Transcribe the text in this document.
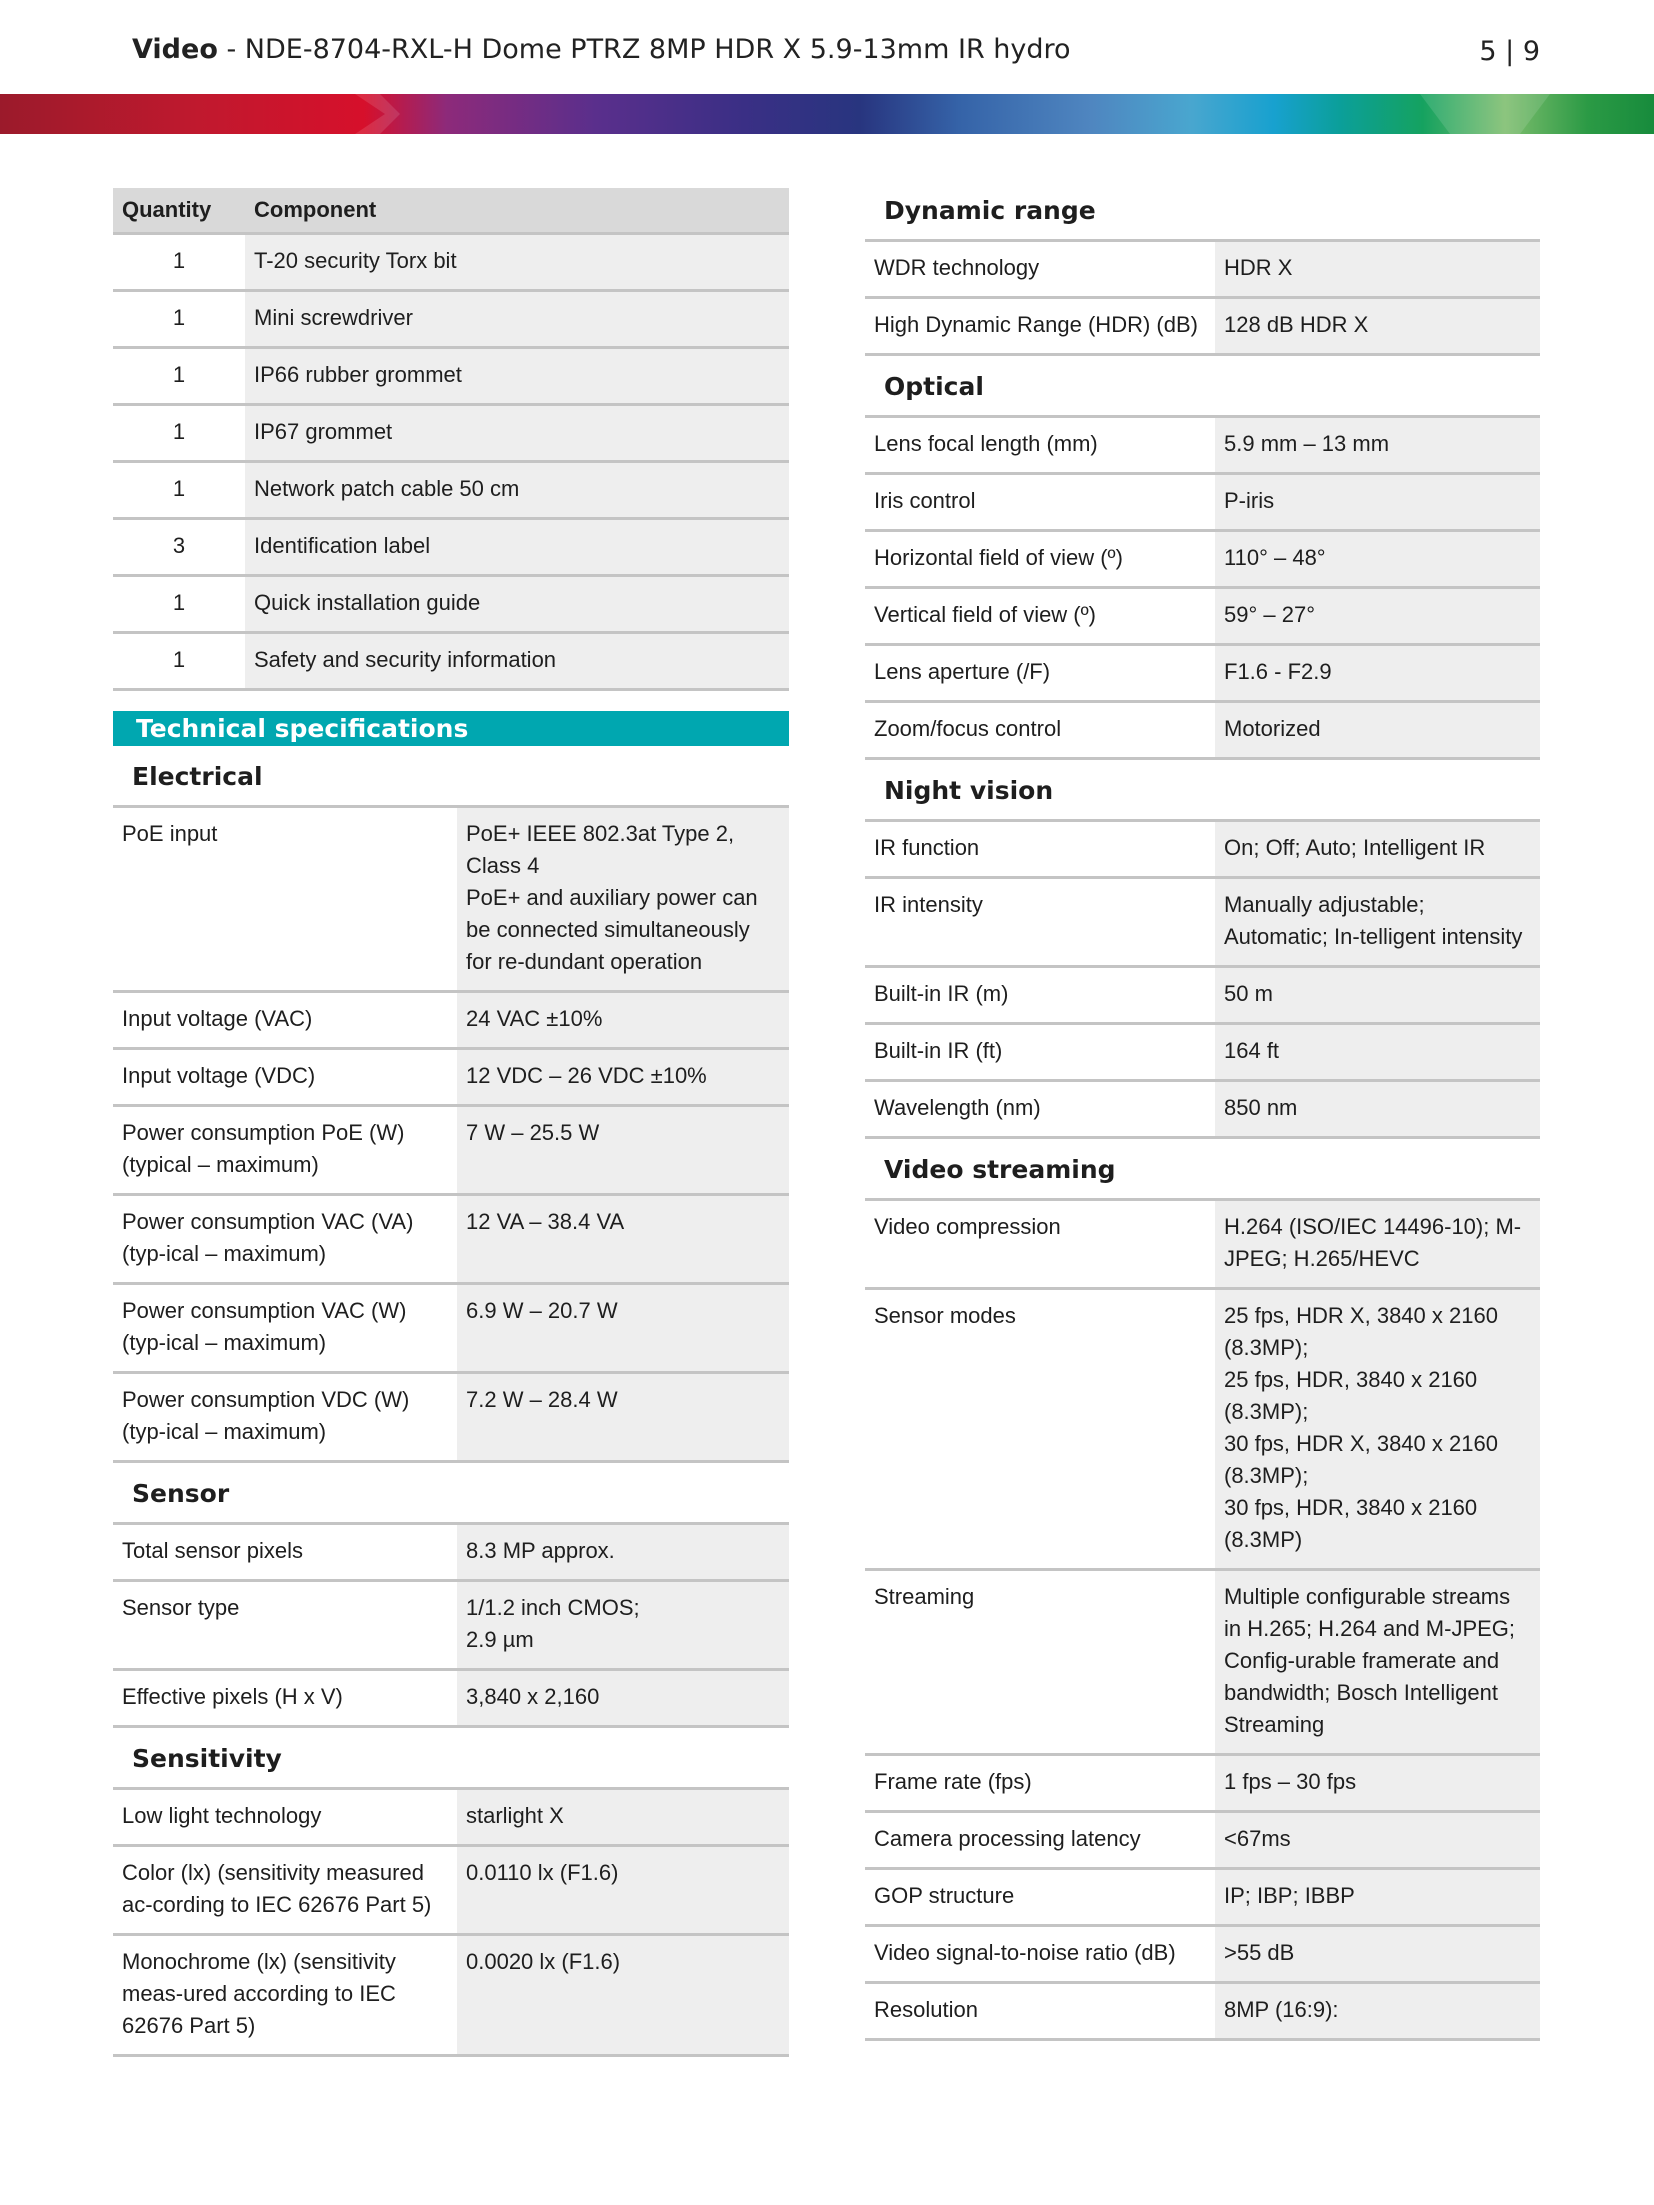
Video - NDE-8704-RXL-H Dome PTRZ 8MP HDR X 5.9-13mm IR hydro	5 | 9
Quantity	Component
1	T-20 security Torx bit
1	Mini screwdriver
1	IP66 rubber grommet
1	IP67 grommet
1	Network patch cable 50 cm
3	Identification label
1	Quick installation guide
1	Safety and security information
Technical specifications
Electrical
PoE input	PoE+ IEEE 802.3at Type 2, Class 4
PoE+ and auxiliary power can be connected simultaneously for re-dundant operation
Input voltage (VAC)	24 VAC ±10%
Input voltage (VDC)	12 VDC – 26 VDC ±10%
Power consumption PoE (W) (typical – maximum)	7 W – 25.5 W
Power consumption VAC (VA) (typ-ical – maximum)	12 VA – 38.4 VA
Power consumption VAC (W) (typ-ical – maximum)	6.9 W – 20.7 W
Power consumption VDC (W) (typ-ical – maximum)	7.2 W – 28.4 W
Sensor
Total sensor pixels	8.3 MP approx.
Sensor type	1/1.2 inch CMOS;
2.9 µm
Effective pixels (H x V)	3,840 x 2,160
Sensitivity
Low light technology	starlight X
Color (lx) (sensitivity measured ac-cording to IEC 62676 Part 5)	0.0110 lx (F1.6)
Monochrome (lx) (sensitivity meas-ured according to IEC 62676 Part 5)	0.0020 lx (F1.6)
Dynamic range
WDR technology	HDR X
High Dynamic Range (HDR) (dB)	128 dB HDR X
Optical
Lens focal length (mm)	5.9 mm – 13 mm
Iris control	P-iris
Horizontal field of view (º)	110° – 48°
Vertical field of view (º)	59° – 27°
Lens aperture (/F)	F1.6 - F2.9
Zoom/focus control	Motorized
Night vision
IR function	On; Off; Auto; Intelligent IR
IR intensity	Manually adjustable; Automatic; In-telligent intensity
Built-in IR (m)	50 m
Built-in IR (ft)	164 ft
Wavelength (nm)	850 nm
Video streaming
Video compression	H.264 (ISO/IEC 14496-10); M-JPEG; H.265/HEVC
Sensor modes	25 fps, HDR X, 3840 x 2160 (8.3MP);
25 fps, HDR, 3840 x 2160 (8.3MP);
30 fps, HDR X, 3840 x 2160 (8.3MP);
30 fps, HDR, 3840 x 2160 (8.3MP)
Streaming	Multiple configurable streams in H.265; H.264 and M-JPEG; Config-urable framerate and bandwidth; Bosch Intelligent Streaming
Frame rate (fps)	1 fps – 30 fps
Camera processing latency	<67ms
GOP structure	IP; IBP; IBBP
Video signal-to-noise ratio (dB)	>55 dB
Resolution	8MP (16:9):
